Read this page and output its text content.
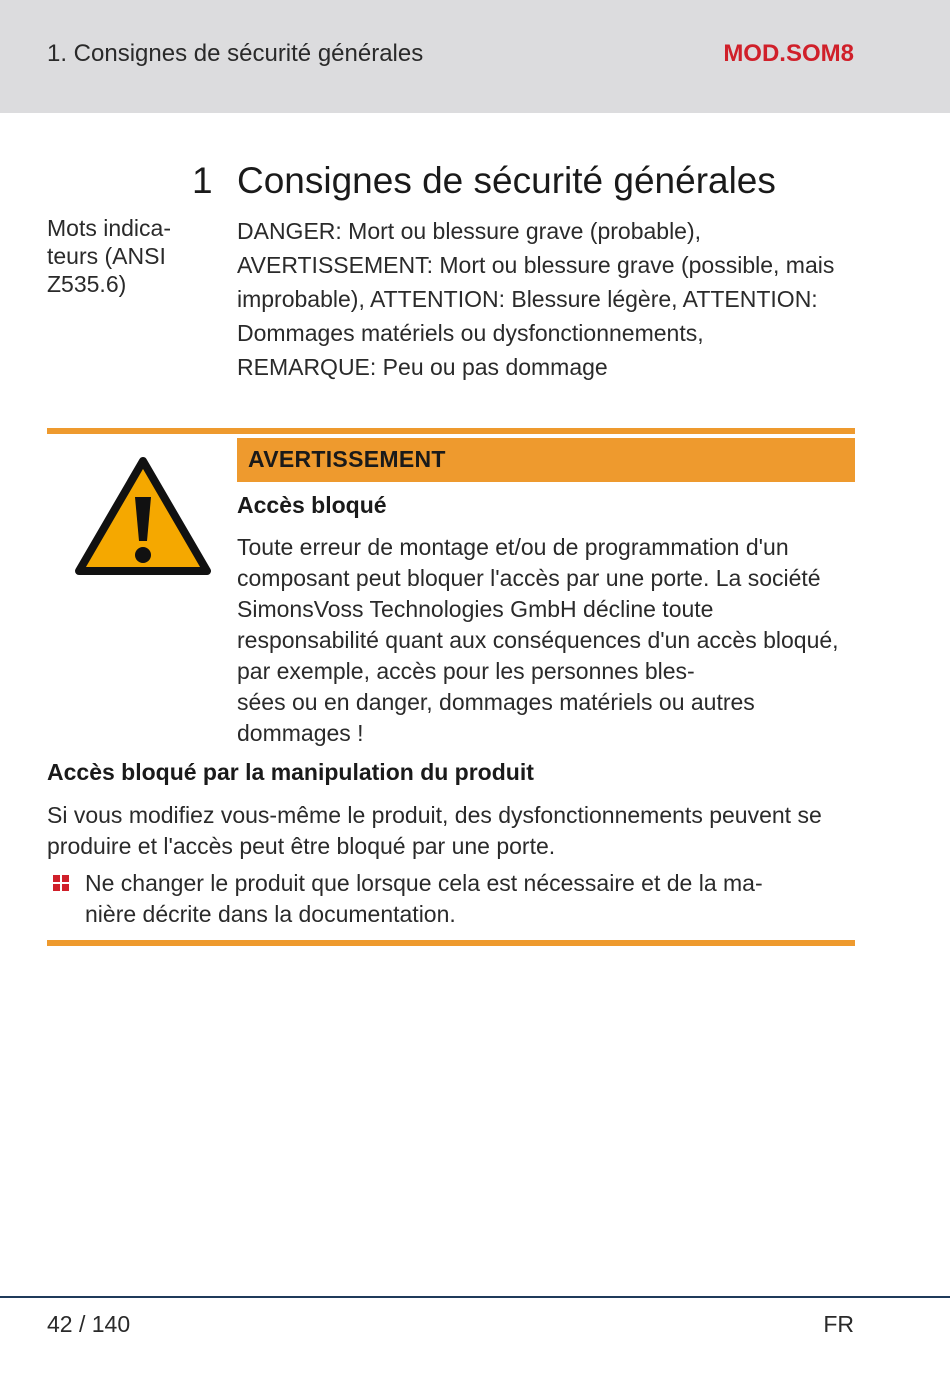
1. Consignes de sécurité générales	MOD.SOM8
1 Consignes de sécurité générales
Mots indica-
teurs (ANSI
Z535.6)

DANGER: Mort ou blessure grave (probable), AVERTISSEMENT: Mort ou blessure grave (possible, mais improbable), ATTENTION: Blessure légère, ATTENTION: Dommages matériels ou dysfonctionnements, REMARQUE: Peu ou pas dommage

AVERTISSEMENT
Accès bloqué

Toute erreur de montage et/ou de programmation d'un composant peut bloquer l'accès par une porte. La société SimonsVoss Technologies GmbH décline toute responsabilité quant aux conséquences d'un accès bloqué, par exemple, accès pour les personnes bles-
sées ou en danger, dommages matériels ou autres dommages !

Accès bloqué par la manipulation du produit

Si vous modifiez vous-même le produit, des dysfonctionnements peuvent se produire et l'accès peut être bloqué par une porte.

Ne changer le produit que lorsque cela est nécessaire et de la ma-
nière décrite dans la documentation.

42 / 140	FR
